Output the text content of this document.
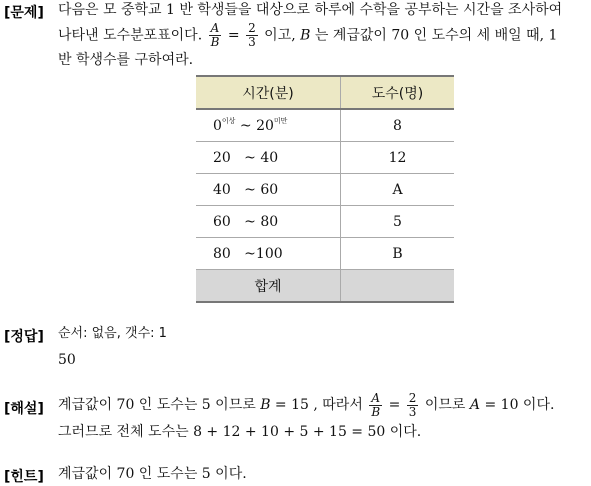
[문제] 다음은 모 중학교 1 반 학생들을 대상으로 하루에 수학을 공부하는 시간을 조사하여
나타낸 도수분포표이다. $\frac{A}{B} = \frac{2}{3}$ 이고, B 는 계급값이 70 인 도수의 세 배일 때, 1
반 학생수를 구하여라.
시간(분)	도수(명)
$0^{이상}$ ~ $20^{미만}$	8
20   ~ 40	12
40   ~ 60	A
60   ~ 80	5
80   ~100	B
합계	
[정답] 순서: 없음, 갯수: 1
50
[해설] 계급값이 70 인 도수는 5 이므로 B = 15 , 따라서 $\frac{A}{B} = \frac{2}{3}$ 이므로 A = 10 이다.
그러므로 전체 도수는 8 + 12 + 10 + 5 + 15 = 50 이다.
[힌트] 계급값이 70 인 도수는 5 이다.
